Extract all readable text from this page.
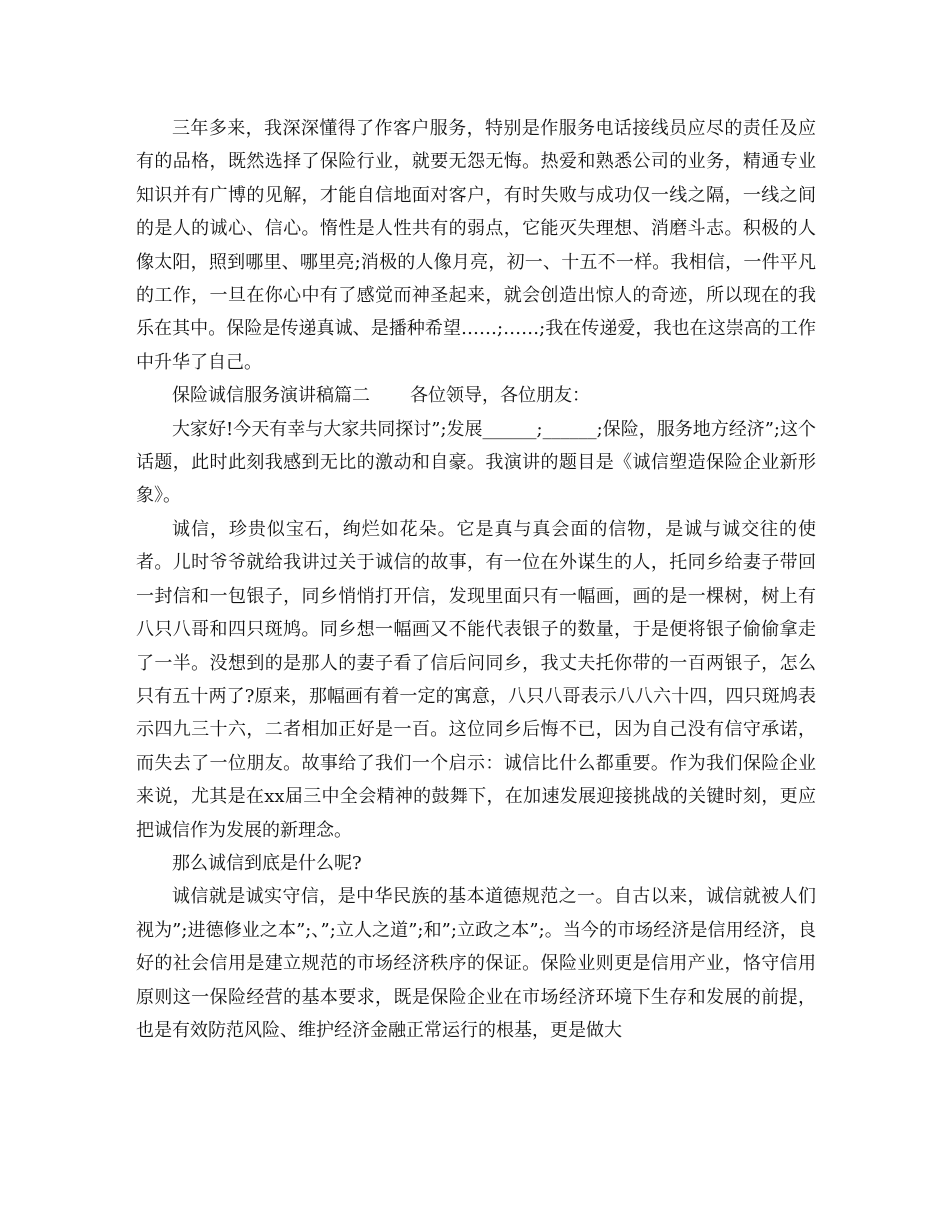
三年多来，我深深懂得了作客户服务，特别是作服务电话接线员应尽的责任及应有的品格，既然选择了保险行业，就要无怨无悔。热爱和熟悉公司的业务，精通专业知识并有广博的见解，才能自信地面对客户，有时失败与成功仅一线之隔，一线之间的是人的诚心、信心。惰性是人性共有的弱点，它能灭失理想、消磨斗志。积极的人像太阳，照到哪里、哪里亮;消极的人像月亮，初一、十五不一样。我相信，一件平凡的工作，一旦在你心中有了感觉而神圣起来，就会创造出惊人的奇迹，所以现在的我乐在其中。保险是传递真诚、是播种希望……;……;我在传递爱，我也在这崇高的工作中升华了自己。

保险诚信服务演讲稿篇二 各位领导，各位朋友：

大家好!今天有幸与大家共同探讨”;发展______;______;保险，服务地方经济”;这个话题，此时此刻我感到无比的激动和自豪。我演讲的题目是《诚信塑造保险企业新形象》。

诚信，珍贵似宝石，绚烂如花朵。它是真与真会面的信物，是诚与诚交往的使者。儿时爷爷就给我讲过关于诚信的故事，有一位在外谋生的人，托同乡给妻子带回一封信和一包银子，同乡悄悄打开信，发现里面只有一幅画，画的是一棵树，树上有八只八哥和四只斑鸠。同乡想一幅画又不能代表银子的数量，于是便将银子偷偷拿走了一半。没想到的是那人的妻子看了信后问同乡，我丈夫托你带的一百两银子，怎么只有五十两了?原来，那幅画有着一定的寓意，八只八哥表示八八六十四，四只斑鸠表示四九三十六，二者相加正好是一百。这位同乡后悔不已，因为自己没有信守承诺，而失去了一位朋友。故事给了我们一个启示：诚信比什么都重要。作为我们保险企业来说，尤其是在xx届三中全会精神的鼓舞下，在加速发展迎接挑战的关键时刻，更应把诚信作为发展的新理念。

那么诚信到底是什么呢?

诚信就是诚实守信，是中华民族的基本道德规范之一。自古以来，诚信就被人们视为”;进德修业之本”;、”;立人之道”;和”;立政之本”;。当今的市场经济是信用经济，良好的社会信用是建立规范的市场经济秩序的保证。保险业则更是信用产业，恪守信用原则这一保险经营的基本要求，既是保险企业在市场经济环境下生存和发展的前提，也是有效防范风险、维护经济金融正常运行的根基，更是做大
